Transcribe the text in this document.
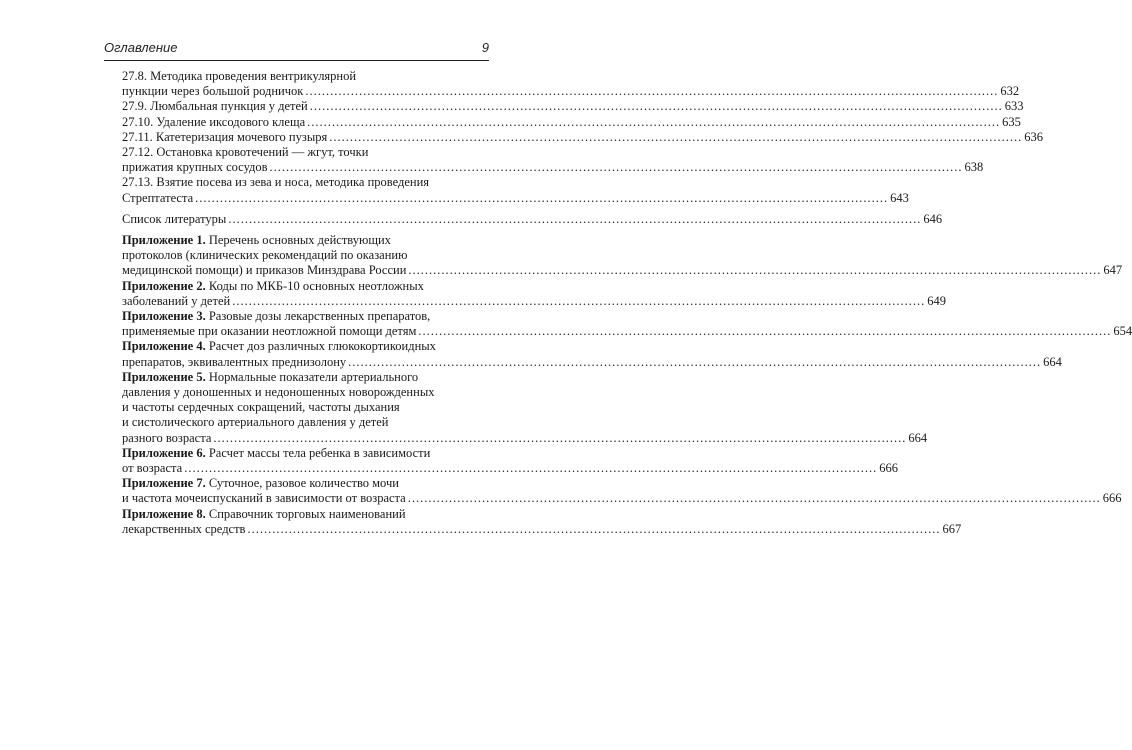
Оглавление	9
27.8. Методика проведения вентрикулярной
пункции через большой родничок .....	632
27.9. Люмбальная пункция у детей .....	633
27.10. Удаление иксодового клеща .....	635
27.11. Катетеризация мочевого пузыря .....	636
27.12. Остановка кровотечений — жгут, точки
прижатия крупных сосудов .....	638
27.13. Взятие посева из зева и носа, методика проведения
Стрептатеста .....	643
Список литературы .....	646
Приложение 1. Перечень основных действующих
протоколов (клинических рекомендаций по оказанию
медицинской помощи) и приказов Минздрава России .....	647
Приложение 2. Коды по МКБ-10 основных неотложных
заболеваний у детей .....	649
Приложение 3. Разовые дозы лекарственных препаратов,
применяемые при оказании неотложной помощи детям .....	654
Приложение 4. Расчет доз различных глюкокортикоидных
препаратов, эквивалентных преднизолону .....	664
Приложение 5. Нормальные показатели артериального
давления у доношенных и недоношенных новорожденных
и частоты сердечных сокращений, частоты дыхания
и систолического артериального давления у детей
разного возраста .....	664
Приложение 6. Расчет массы тела ребенка в зависимости
от возраста .....	666
Приложение 7. Суточное, разовое количество мочи
и частота мочеиспусканий в зависимости от возраста .....	666
Приложение 8. Справочник торговых наименований
лекарственных средств .....	667
